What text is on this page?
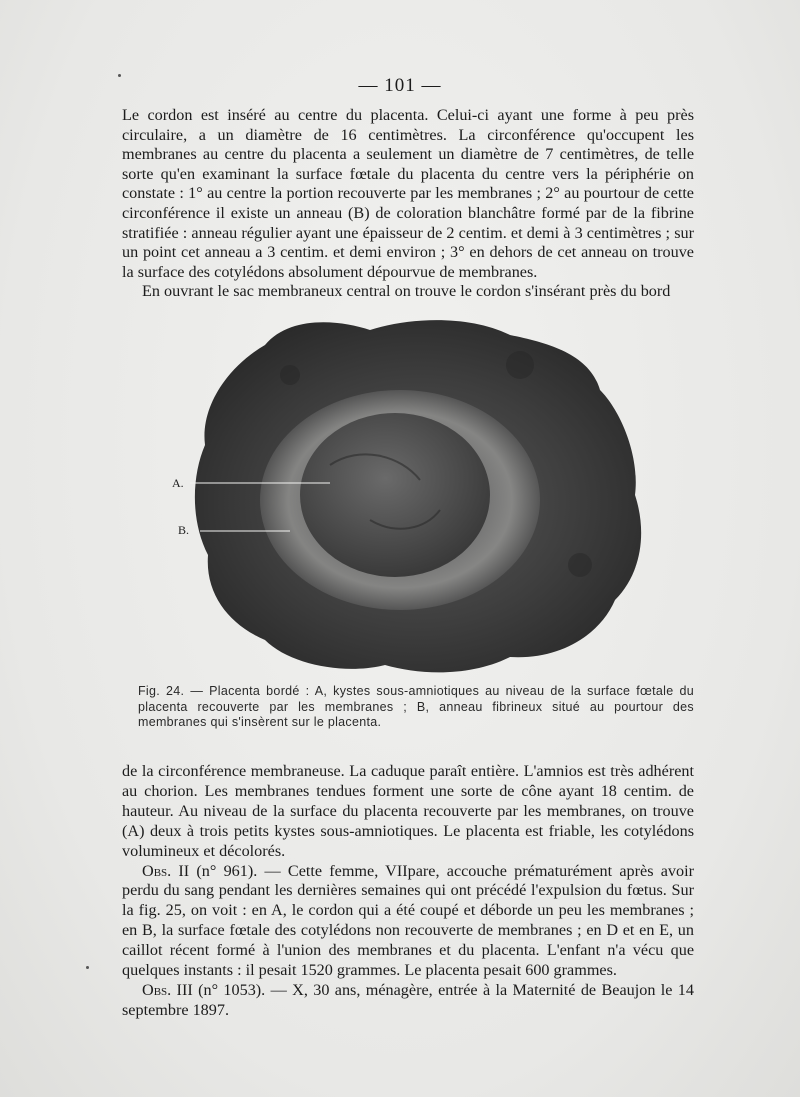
— 101 —

Le cordon est inséré au centre du placenta. Celui-ci ayant une forme à peu près circulaire, a un diamètre de 16 centimètres. La circonférence qu'occupent les membranes au centre du placenta a seulement un diamètre de 7 centimètres, de telle sorte qu'en examinant la surface fœtale du placenta du centre vers la périphérie on constate : 1° au centre la portion recouverte par les membranes ; 2° au pourtour de cette circonférence il existe un anneau (B) de coloration blanchâtre formé par de la fibrine stratifiée : anneau régulier ayant une épaisseur de 2 centim. et demi à 3 centimètres ; sur un point cet anneau a 3 centim. et demi environ ; 3° en dehors de cet anneau on trouve la surface des cotylédons absolument dépourvue de membranes.

En ouvrant le sac membraneux central on trouve le cordon s'insérant près du bord

A.
B.
Fig. 24. — Placenta bordé : A, kystes sous-amniotiques au niveau de la surface fœtale du placenta recouverte par les membranes ; B, anneau fibrineux situé au pourtour des membranes qui s'insèrent sur le placenta.

de la circonférence membraneuse. La caduque paraît entière. L'amnios est très adhérent au chorion. Les membranes tendues forment une sorte de cône ayant 18 centim. de hauteur. Au niveau de la surface du placenta recouverte par les membranes, on trouve (A) deux à trois petits kystes sous-amniotiques. Le placenta est friable, les cotylédons volumineux et décolorés.

Obs. II (n° 961). — Cette femme, VIIpare, accouche prématurément après avoir perdu du sang pendant les dernières semaines qui ont précédé l'expulsion du fœtus. Sur la fig. 25, on voit : en A, le cordon qui a été coupé et déborde un peu les membranes ; en B, la surface fœtale des cotylédons non recouverte de membranes ; en D et en E, un caillot récent formé à l'union des membranes et du placenta. L'enfant n'a vécu que quelques instants : il pesait 1520 grammes. Le placenta pesait 600 grammes.

Obs. III (n° 1053). — X, 30 ans, ménagère, entrée à la Maternité de Beaujon le 14 septembre 1897.
